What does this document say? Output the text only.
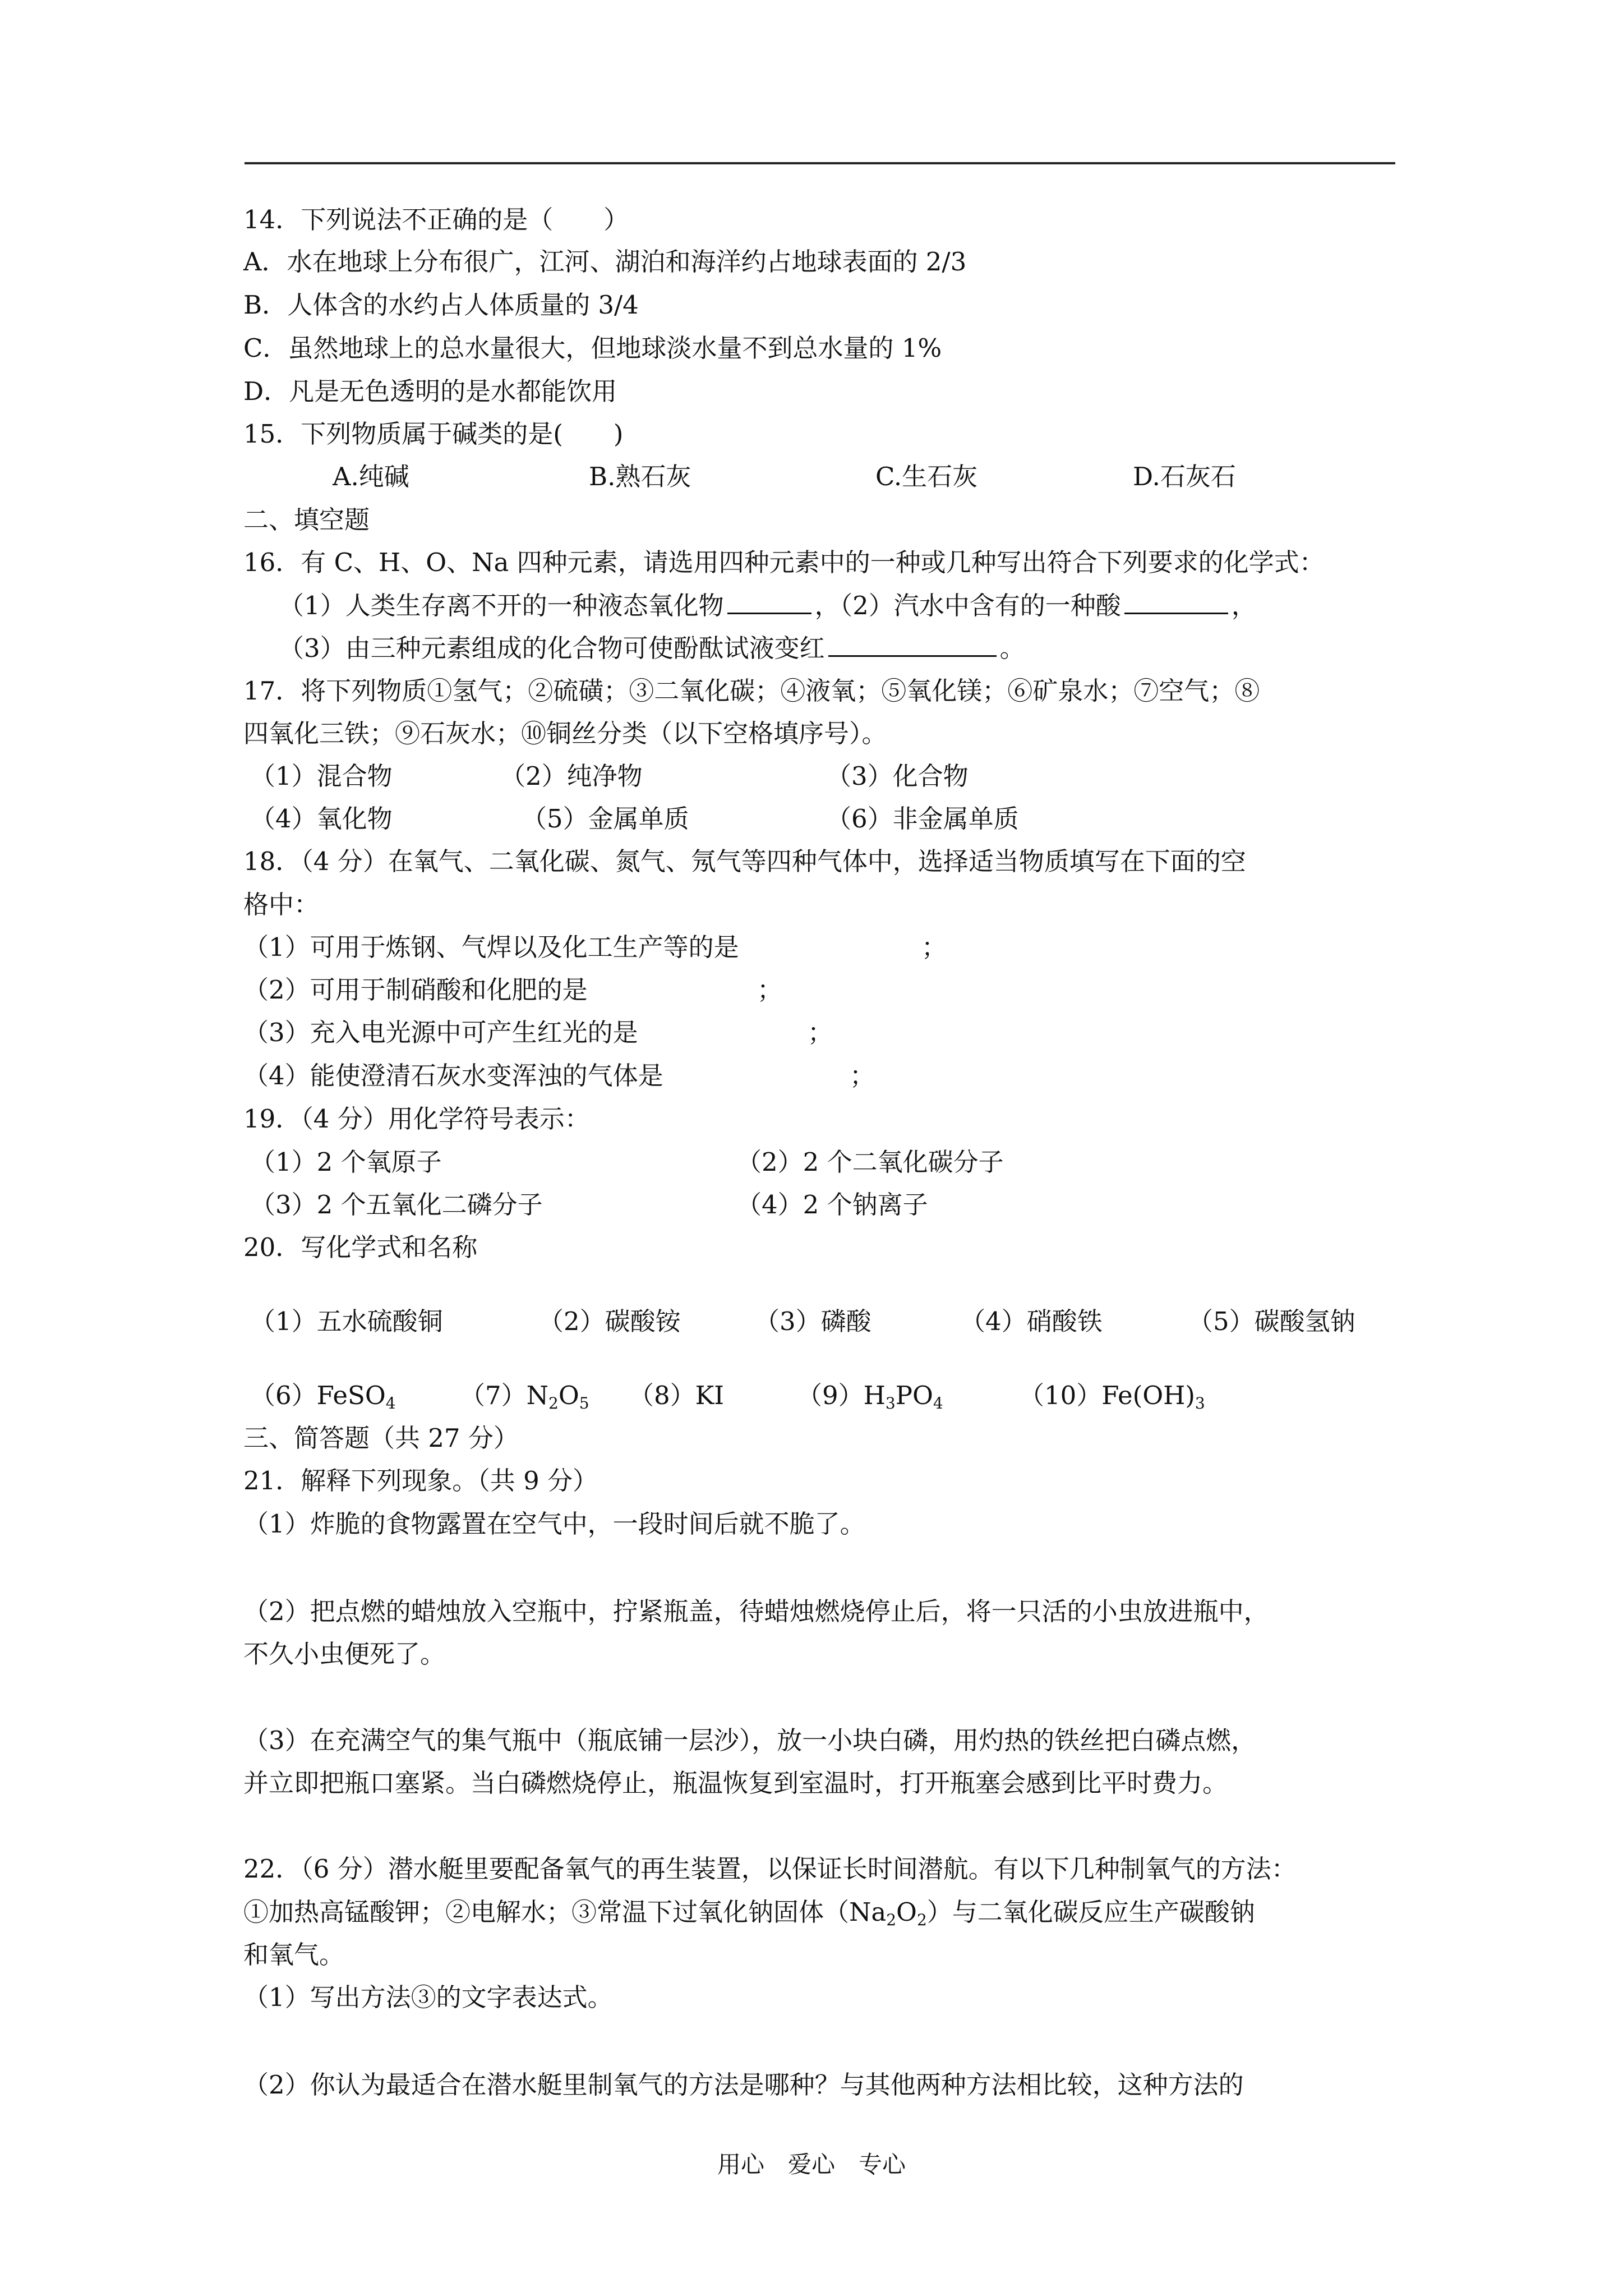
14．下列说法不正确的是（　　）
A．水在地球上分布很广，江河、湖泊和海洋约占地球表面的 2/3
B．人体含的水约占人体质量的 3/4
C．虽然地球上的总水量很大，但地球淡水量不到总水量的 1%
D．凡是无色透明的是水都能饮用
15．下列物质属于碱类的是(　　)
A.纯碱	B.熟石灰	C.生石灰	D.石灰石
二、填空题
16．有 C、H、O、Na 四种元素，请选用四种元素中的一种或几种写出符合下列要求的化学式：
（1）人类生存离不开的一种液态氧化物	，（2）汽水中含有的一种酸	，
（3）由三种元素组成的化合物可使酚酞试液变红	。
17．将下列物质①氢气；②硫磺；③二氧化碳；④液氧；⑤氧化镁；⑥矿泉水；⑦空气；⑧
四氧化三铁；⑨石灰水；⑩铜丝分类（以下空格填序号）。
（1）混合物	（2）纯净物	（3）化合物
（4）氧化物	（5）金属单质	（6）非金属单质
18．（4 分）在氧气、二氧化碳、氮气、氖气等四种气体中，选择适当物质填写在下面的空
格中：
（1）可用于炼钢、气焊以及化工生产等的是	；
（2）可用于制硝酸和化肥的是	；
（3）充入电光源中可产生红光的是	；
（4）能使澄清石灰水变浑浊的气体是	；
19．（4 分）用化学符号表示：
（1）2 个氧原子	（2）2 个二氧化碳分子
（3）2 个五氧化二磷分子	（4）2 个钠离子
20．写化学式和名称
（1）五水硫酸铜	（2）碳酸铵	（3）磷酸	（4）硝酸铁	（5）碳酸氢钠
（6）FeSO$_4$	$(7)N_2O_5$ （8）KI	$(9)H_3PO_4$	$(10)Fe(OH)_3$
三、简答题（共 27 分）
21．解释下列现象。（共 9 分）
（1）炸脆的食物露置在空气中，一段时间后就不脆了。
（2）把点燃的蜡烛放入空瓶中，拧紧瓶盖，待蜡烛燃烧停止后，将一只活的小虫放进瓶中，
不久小虫便死了。
（3）在充满空气的集气瓶中（瓶底铺一层沙），放一小块白磷，用灼热的铁丝把白磷点燃，
并立即把瓶口塞紧。当白磷燃烧停止，瓶温恢复到室温时，打开瓶塞会感到比平时费力。
22．（6 分）潜水艇里要配备氧气的再生装置，以保证长时间潜航。有以下几种制氧气的方法：
①加热高锰酸钾；②电解水；③常温下过氧化钠固体$(Na_2O_2)$与二氧化碳反应生产碳酸钠
和氧气。
（1）写出方法③的文字表达式。
（2）你认为最适合在潜水艇里制氧气的方法是哪种？与其他两种方法相比较，这种方法的
用心　爱心　专心
